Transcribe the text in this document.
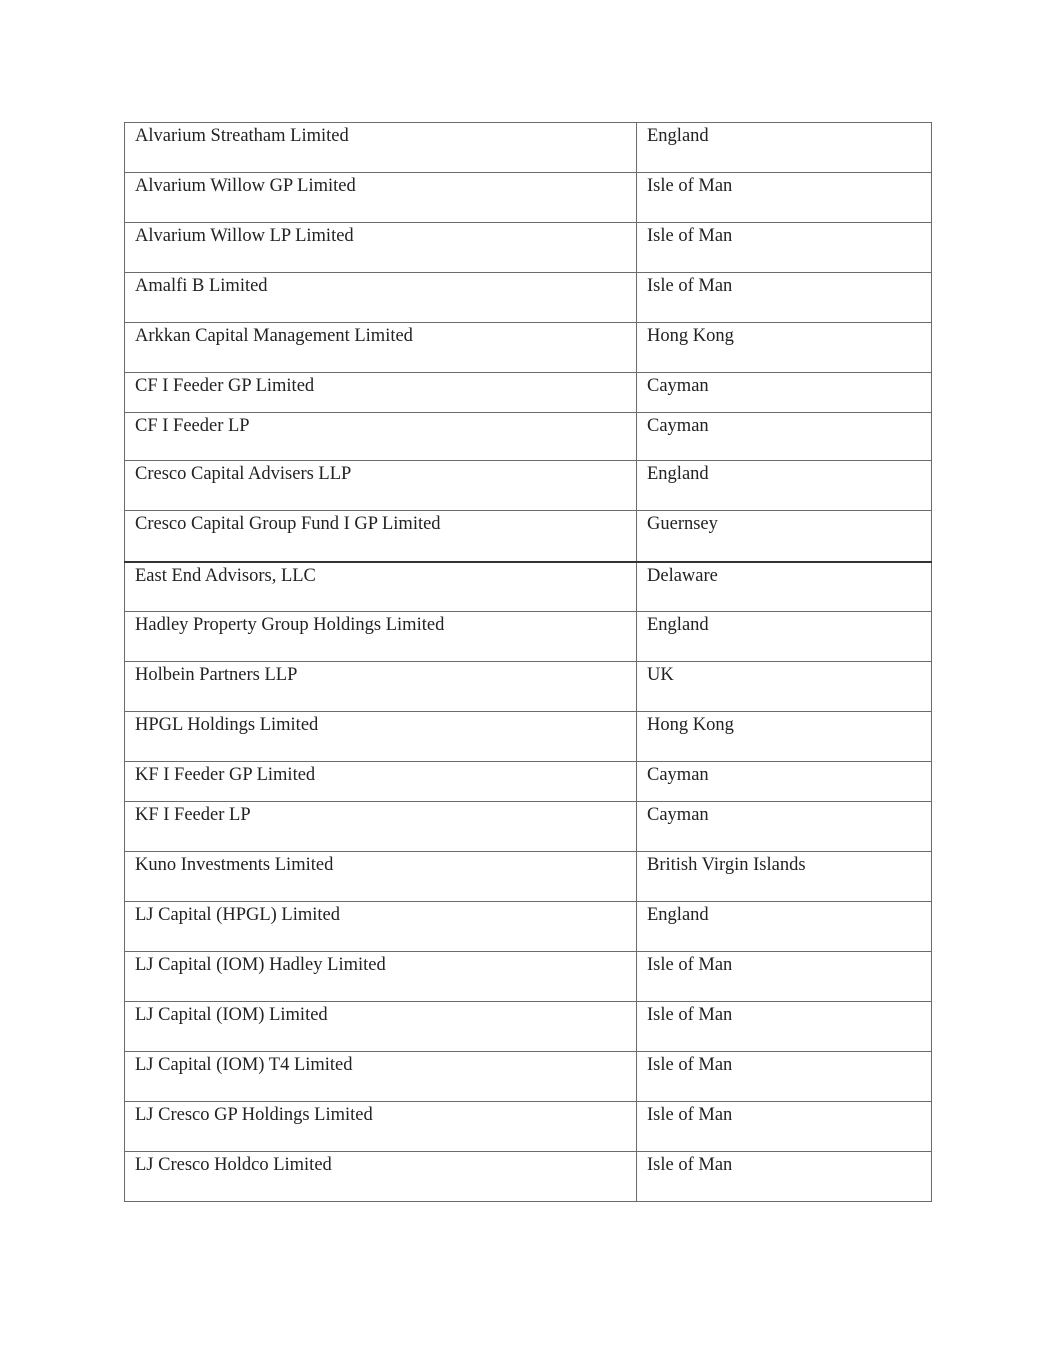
Alvarium Streatham Limited	England
Alvarium Willow GP Limited	Isle of Man
Alvarium Willow LP Limited	Isle of Man
Amalfi B Limited	Isle of Man
Arkkan Capital Management Limited	Hong Kong
CF I Feeder GP Limited	Cayman
CF I Feeder LP	Cayman
Cresco Capital Advisers LLP	England
Cresco Capital Group Fund I GP Limited	Guernsey
East End Advisors, LLC	Delaware
Hadley Property Group Holdings Limited	England
Holbein Partners LLP	UK
HPGL Holdings Limited	Hong Kong
KF I Feeder GP Limited	Cayman
KF I Feeder LP	Cayman
Kuno Investments Limited	British Virgin Islands
LJ Capital (HPGL) Limited	England
LJ Capital (IOM) Hadley Limited	Isle of Man
LJ Capital (IOM) Limited	Isle of Man
LJ Capital (IOM) T4 Limited	Isle of Man
LJ Cresco GP Holdings Limited	Isle of Man
LJ Cresco Holdco Limited	Isle of Man
